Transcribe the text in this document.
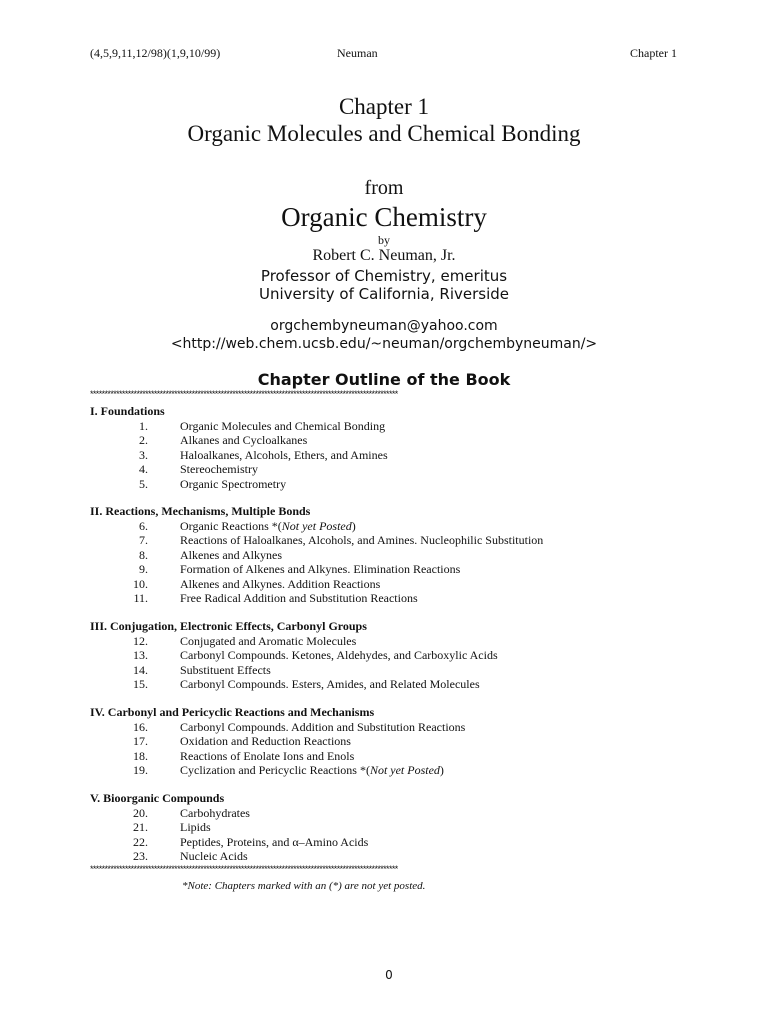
(4,5,9,11,12/98)(1,9,10/99)	Neuman	Chapter 1
Chapter 1
Organic Molecules and Chemical Bonding
from
Organic Chemistry
by
Robert C. Neuman, Jr.
Professor of Chemistry, emeritus
University of California, Riverside
orgchembyneuman@yahoo.com
<http://web.chem.ucsb.edu/~neuman/orgchembyneuman/>
Chapter Outline of the Book
**********************************************************************************************************
I. Foundations
1.	Organic Molecules and Chemical Bonding
2.	Alkanes and Cycloalkanes
3.	Haloalkanes, Alcohols, Ethers, and Amines
4.	Stereochemistry
5.	Organic Spectrometry
II. Reactions, Mechanisms, Multiple Bonds
6.	Organic Reactions *(Not yet Posted)
7.	Reactions of Haloalkanes, Alcohols, and Amines. Nucleophilic Substitution
8.	Alkenes and Alkynes
9.	Formation of Alkenes and Alkynes. Elimination Reactions
10.	Alkenes and Alkynes. Addition Reactions
11.	Free Radical Addition and Substitution Reactions
III. Conjugation, Electronic Effects, Carbonyl Groups
12.	Conjugated and Aromatic Molecules
13.	Carbonyl Compounds. Ketones, Aldehydes, and Carboxylic Acids
14.	Substituent Effects
15.	Carbonyl Compounds. Esters, Amides, and Related Molecules
IV. Carbonyl and Pericyclic Reactions and Mechanisms
16.	Carbonyl Compounds. Addition and Substitution Reactions
17.	Oxidation and Reduction Reactions
18.	Reactions of Enolate Ions and Enols
19.	Cyclization and Pericyclic Reactions *(Not yet Posted)
V. Bioorganic Compounds
20.	Carbohydrates
21.	Lipids
22.	Peptides, Proteins, and α–Amino Acids
23.	Nucleic Acids
**********************************************************************************************************
*Note: Chapters marked with an (*) are not yet posted.
0
